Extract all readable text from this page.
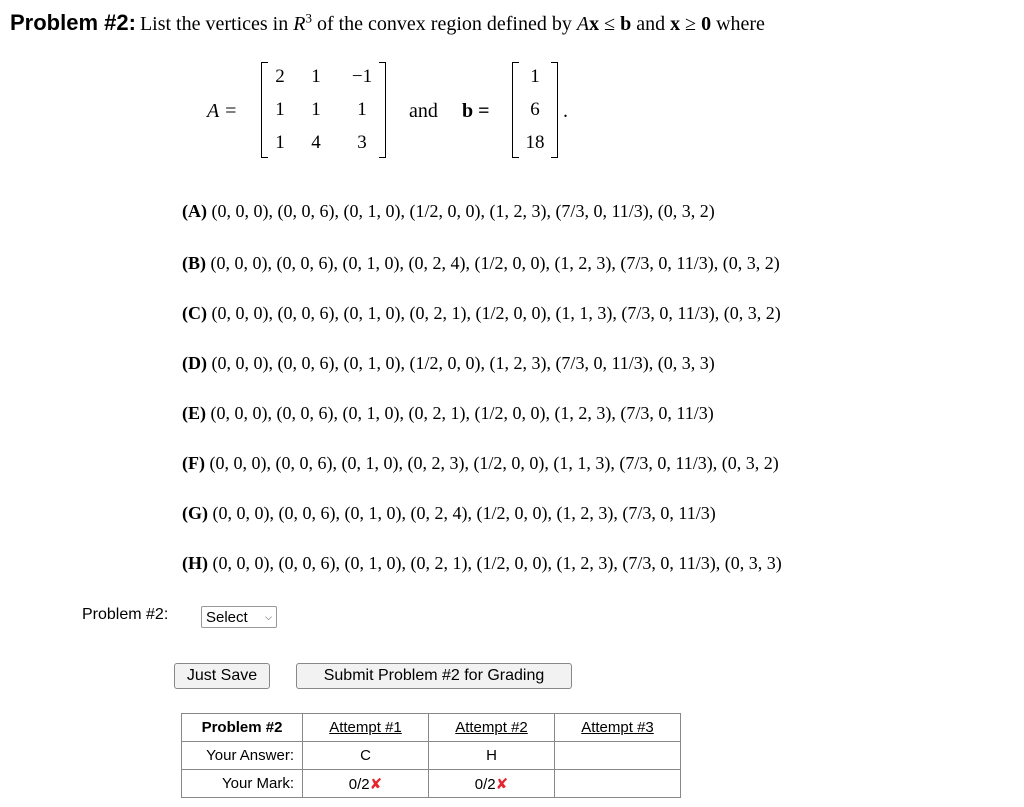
Problem #2: List the vertices in $R^3$ of the convex region defined by Ax ≤ b and x ≥ 0 where
A =
2	1	−1
1	1	1
1	4	3
and b =
1
6
18
.
(A) (0, 0, 0), (0, 0, 6), (0, 1, 0), (1/2, 0, 0), (1, 2, 3), (7/3, 0, 11/3), (0, 3, 2)
(B) (0, 0, 0), (0, 0, 6), (0, 1, 0), (0, 2, 4), (1/2, 0, 0), (1, 2, 3), (7/3, 0, 11/3), (0, 3, 2)
(C) (0, 0, 0), (0, 0, 6), (0, 1, 0), (0, 2, 1), (1/2, 0, 0), (1, 1, 3), (7/3, 0, 11/3), (0, 3, 2)
(D) (0, 0, 0), (0, 0, 6), (0, 1, 0), (1/2, 0, 0), (1, 2, 3), (7/3, 0, 11/3), (0, 3, 3)
(E) (0, 0, 0), (0, 0, 6), (0, 1, 0), (0, 2, 1), (1/2, 0, 0), (1, 2, 3), (7/3, 0, 11/3)
(F) (0, 0, 0), (0, 0, 6), (0, 1, 0), (0, 2, 3), (1/2, 0, 0), (1, 1, 3), (7/3, 0, 11/3), (0, 3, 2)
(G) (0, 0, 0), (0, 0, 6), (0, 1, 0), (0, 2, 4), (1/2, 0, 0), (1, 2, 3), (7/3, 0, 11/3)
(H) (0, 0, 0), (0, 0, 6), (0, 1, 0), (0, 2, 1), (1/2, 0, 0), (1, 2, 3), (7/3, 0, 11/3), (0, 3, 3)
Problem #2:	Select ⌵
Just Save	Submit Problem #2 for Grading
Problem #2	Attempt #1	Attempt #2	Attempt #3
Your Answer:	C	H	
Your Mark:	0/2✘	0/2✘	
